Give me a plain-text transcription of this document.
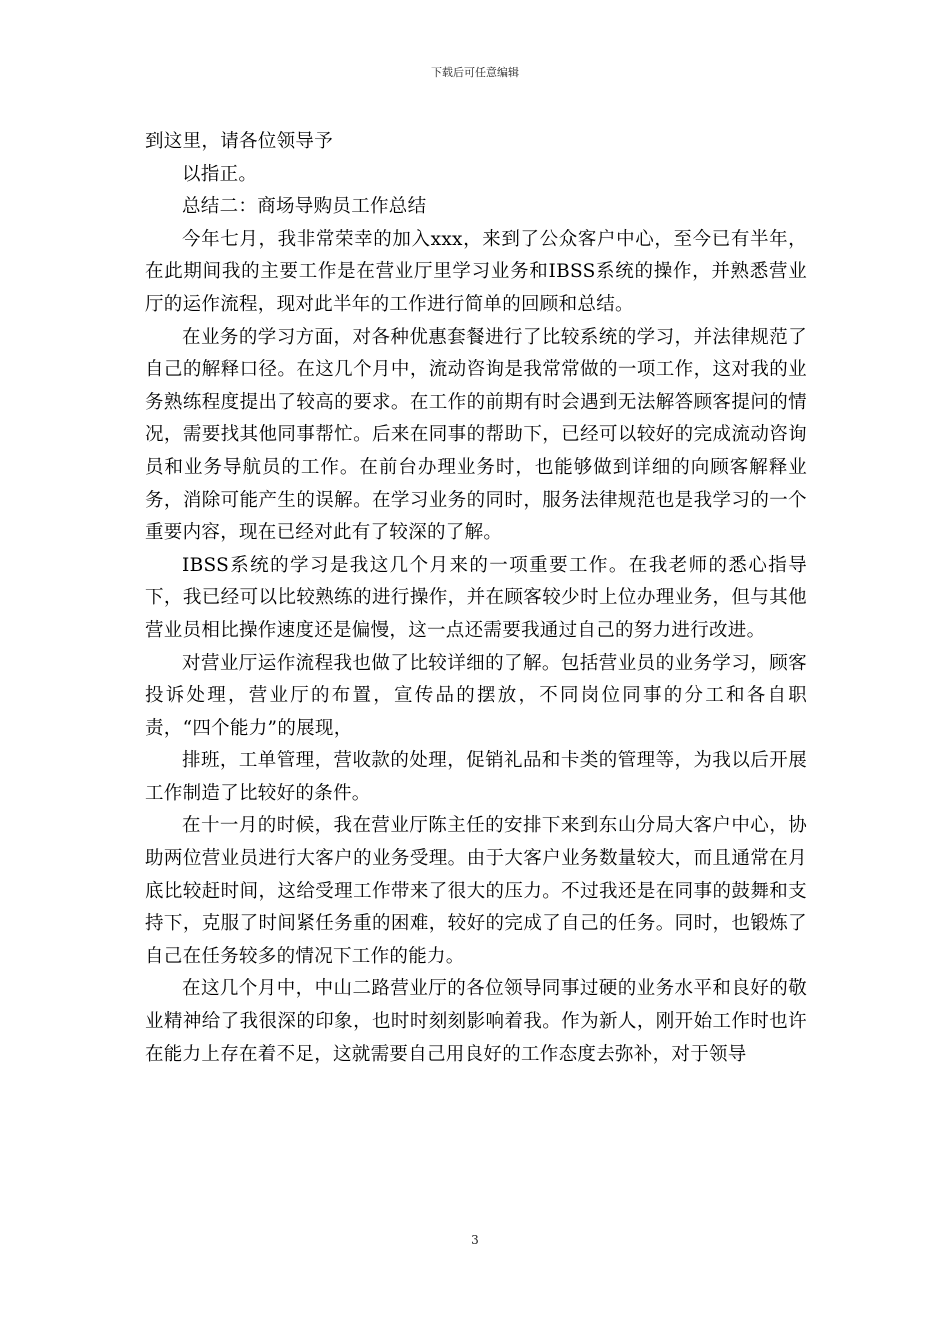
下载后可任意编辑

到这里，请各位领导予

以指正。

总结二：商场导购员工作总结

今年七月，我非常荣幸的加入xxx，来到了公众客户中心，至今已有半年，在此期间我的主要工作是在营业厅里学习业务和IBSS系统的操作，并熟悉营业厅的运作流程，现对此半年的工作进行简单的回顾和总结。

在业务的学习方面，对各种优惠套餐进行了比较系统的学习，并法律规范了自己的解释口径。在这几个月中，流动咨询是我常常做的一项工作，这对我的业务熟练程度提出了较高的要求。在工作的前期有时会遇到无法解答顾客提问的情况，需要找其他同事帮忙。后来在同事的帮助下，已经可以较好的完成流动咨询员和业务导航员的工作。在前台办理业务时，也能够做到详细的向顾客解释业务，消除可能产生的误解。在学习业务的同时，服务法律规范也是我学习的一个重要内容，现在已经对此有了较深的了解。

IBSS系统的学习是我这几个月来的一项重要工作。在我老师的悉心指导下，我已经可以比较熟练的进行操作，并在顾客较少时上位办理业务，但与其他营业员相比操作速度还是偏慢，这一点还需要我通过自己的努力进行改进。

对营业厅运作流程我也做了比较详细的了解。包括营业员的业务学习，顾客投诉处理，营业厅的布置，宣传品的摆放，不同岗位同事的分工和各自职责，“四个能力”的展现，

排班，工单管理，营收款的处理，促销礼品和卡类的管理等，为我以后开展工作制造了比较好的条件。

在十一月的时候，我在营业厅陈主任的安排下来到东山分局大客户中心，协助两位营业员进行大客户的业务受理。由于大客户业务数量较大，而且通常在月底比较赶时间，这给受理工作带来了很大的压力。不过我还是在同事的鼓舞和支持下，克服了时间紧任务重的困难，较好的完成了自己的任务。同时，也锻炼了自己在任务较多的情况下工作的能力。

在这几个月中，中山二路营业厅的各位领导同事过硬的业务水平和良好的敬业精神给了我很深的印象，也时时刻刻影响着我。作为新人，刚开始工作时也许在能力上存在着不足，这就需要自己用良好的工作态度去弥补，对于领导

3
